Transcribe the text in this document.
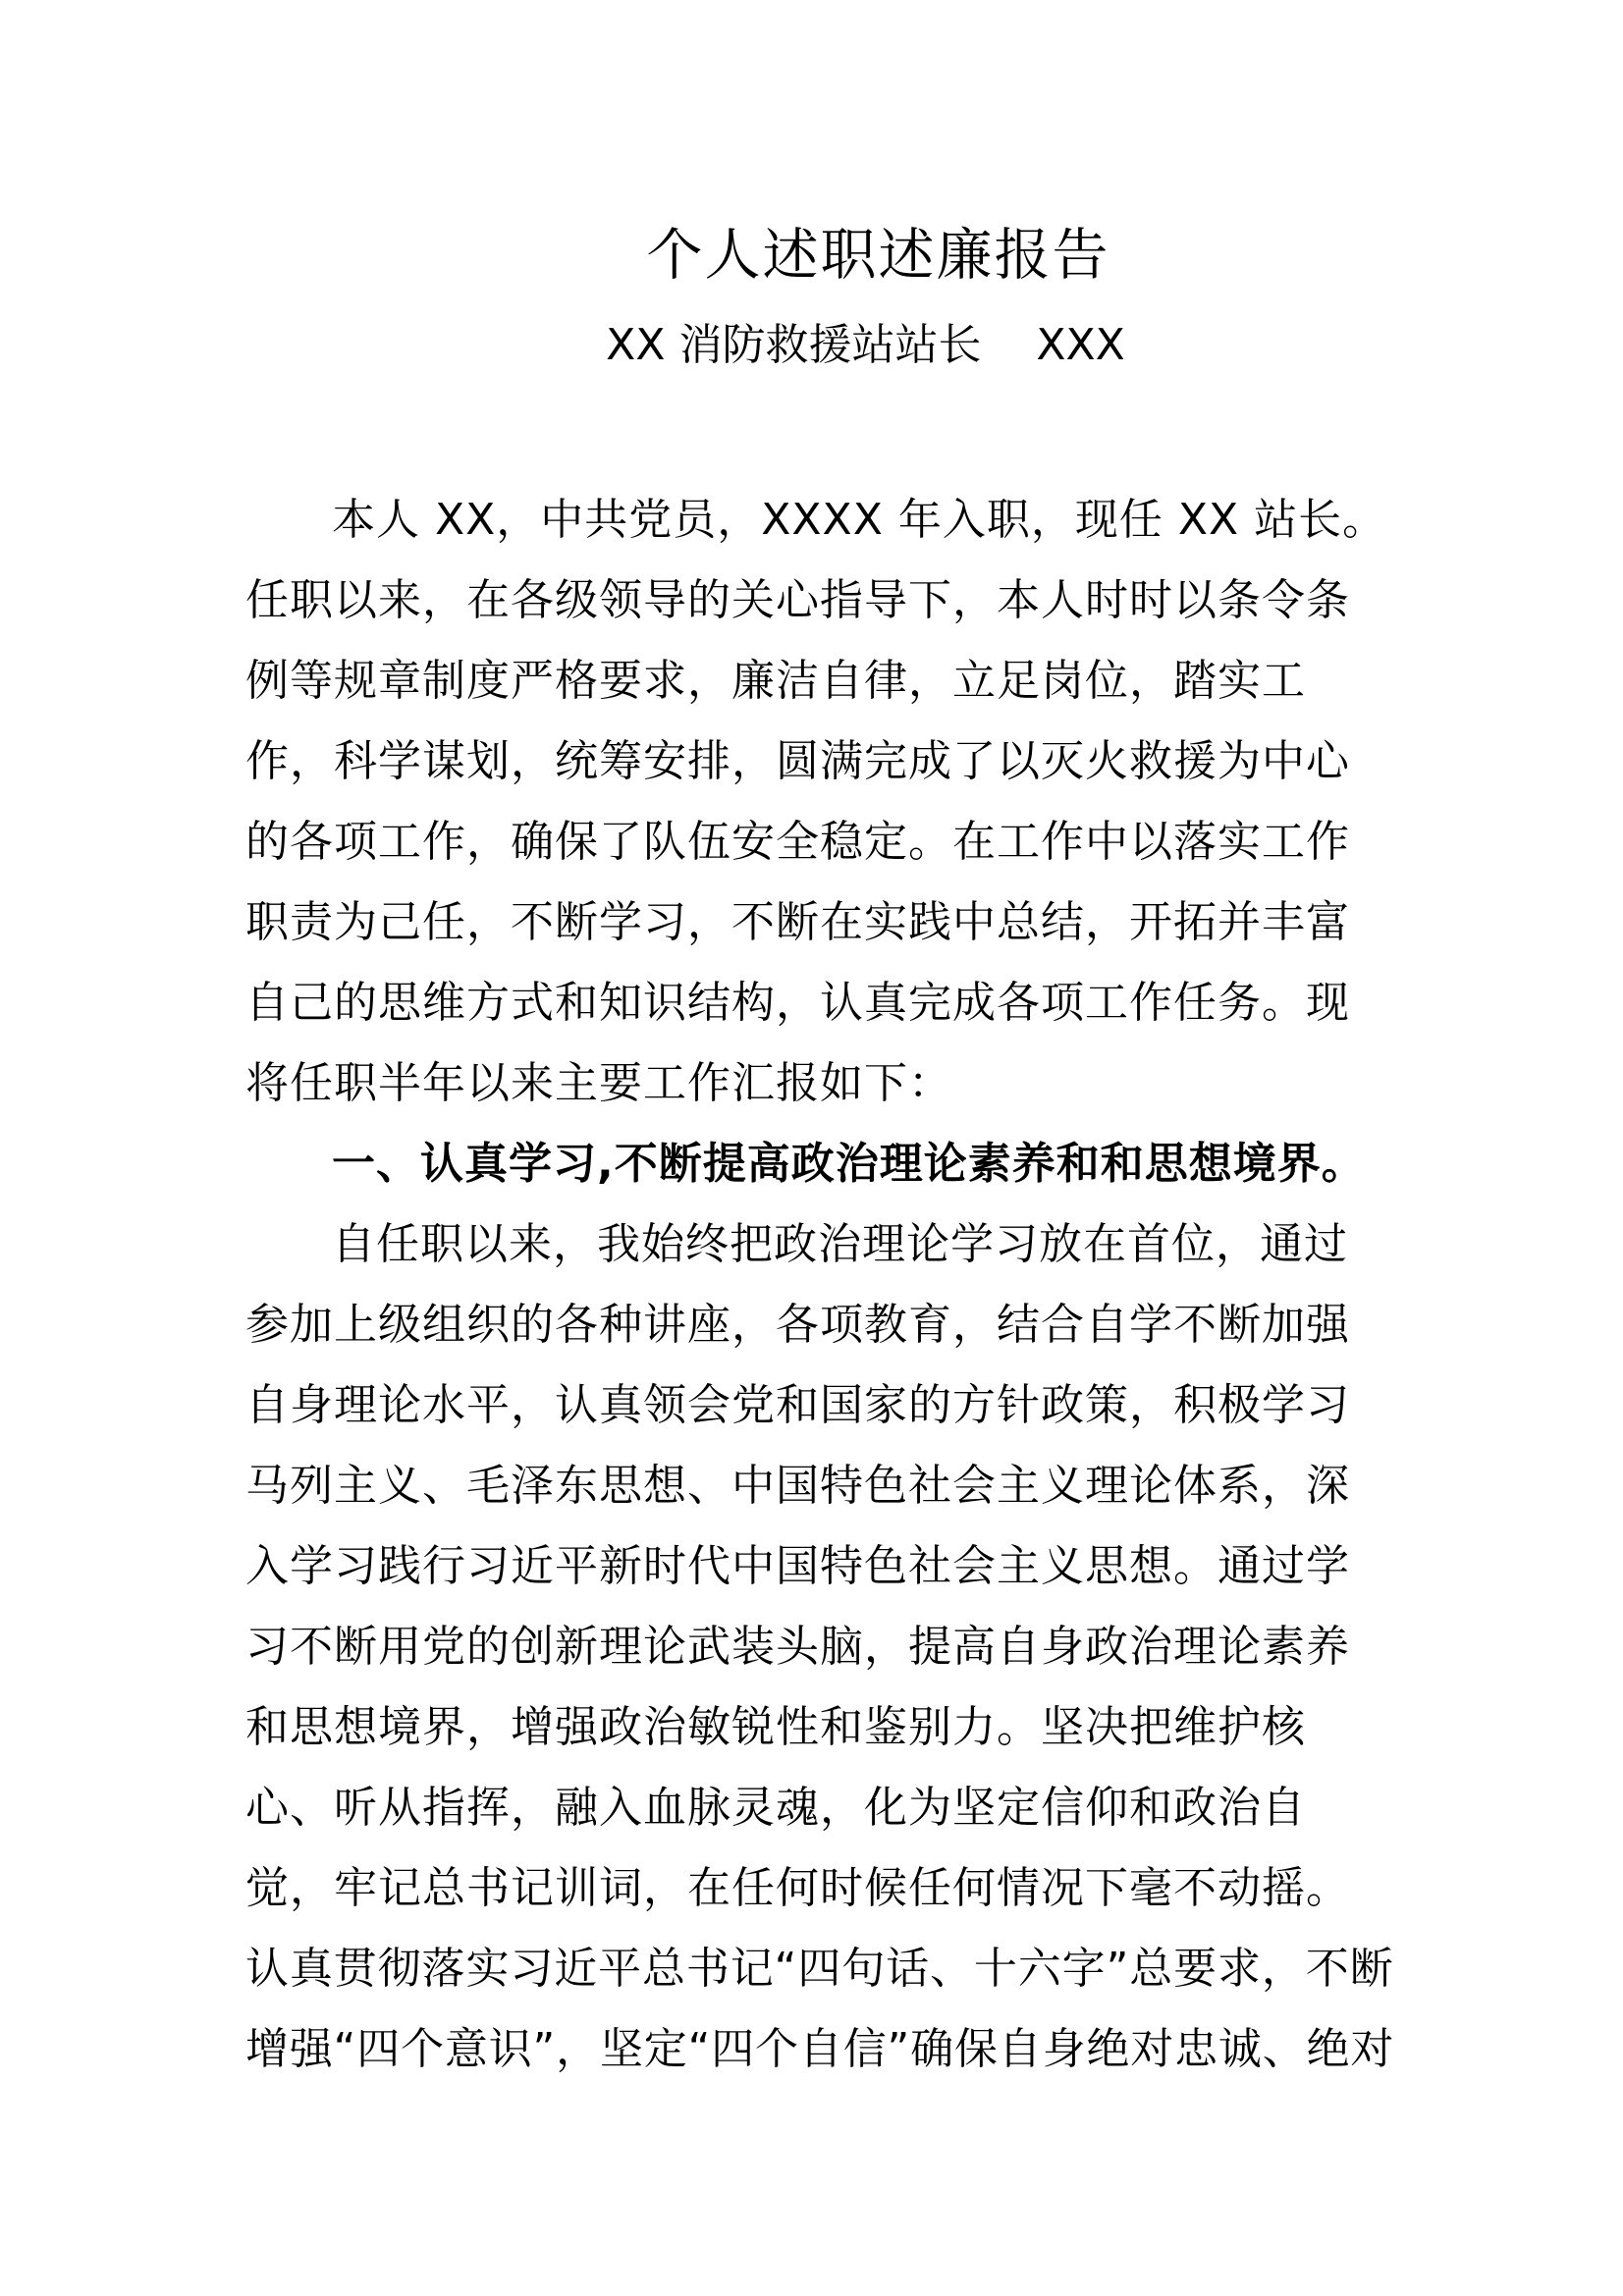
个人述职述廉报告
XX 消防救援站站长    XXX
本人 XX，中共党员，XXXX 年入职，现任 XX 站长。
任职以来，在各级领导的关心指导下，本人时时以条令条
例等规章制度严格要求，廉洁自律，立足岗位，踏实工
作，科学谋划，统筹安排，圆满完成了以灭火救援为中心
的各项工作，确保了队伍安全稳定。在工作中以落实工作
职责为己任，不断学习，不断在实践中总结，开拓并丰富
自己的思维方式和知识结构，认真完成各项工作任务。现
将任职半年以来主要工作汇报如下：
一、认真学习,不断提高政治理论素养和和思想境界。
自任职以来，我始终把政治理论学习放在首位，通过
参加上级组织的各种讲座，各项教育，结合自学不断加强
自身理论水平，认真领会党和国家的方针政策，积极学习
马列主义、毛泽东思想、中国特色社会主义理论体系，深
入学习践行习近平新时代中国特色社会主义思想。通过学
习不断用党的创新理论武装头脑，提高自身政治理论素养
和思想境界，增强政治敏锐性和鉴别力。坚决把维护核
心、听从指挥，融入血脉灵魂，化为坚定信仰和政治自
觉，牢记总书记训词，在任何时候任何情况下毫不动摇。
认真贯彻落实习近平总书记“四句话、十六字”总要求，不断
增强“四个意识”，坚定“四个自信”确保自身绝对忠诚、绝对
